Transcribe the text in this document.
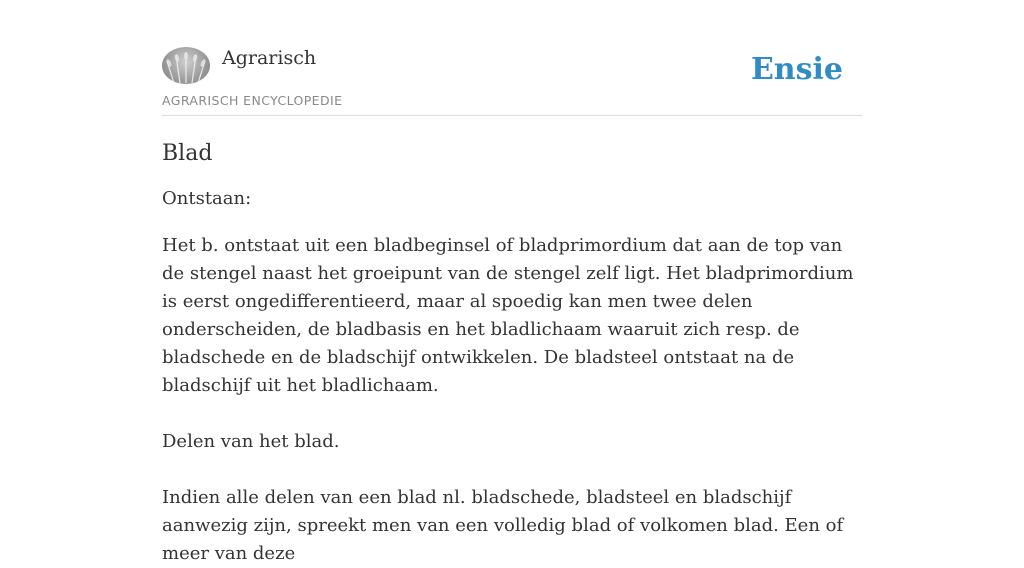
Agrarisch
AGRARISCH ENCYCLOPEDIE
Ensie
Blad

Ontstaan:

Het b. ontstaat uit een bladbeginsel of bladprimordium dat aan de top van de stengel naast het groeipunt van de stengel zelf ligt. Het bladprimordium is eerst ongedifferentieerd, maar al spoedig kan men twee delen onderscheiden, de bladbasis en het bladlichaam waaruit zich resp. de bladschede en de bladschijf ontwikkelen. De bladsteel ontstaat na de bladschijf uit het bladlichaam.

Delen van het blad.

Indien alle delen van een blad nl. bladschede, bladsteel en bladschijf aanwezig zijn, spreekt men van een volledig blad of volkomen blad. Een of meer van deze
